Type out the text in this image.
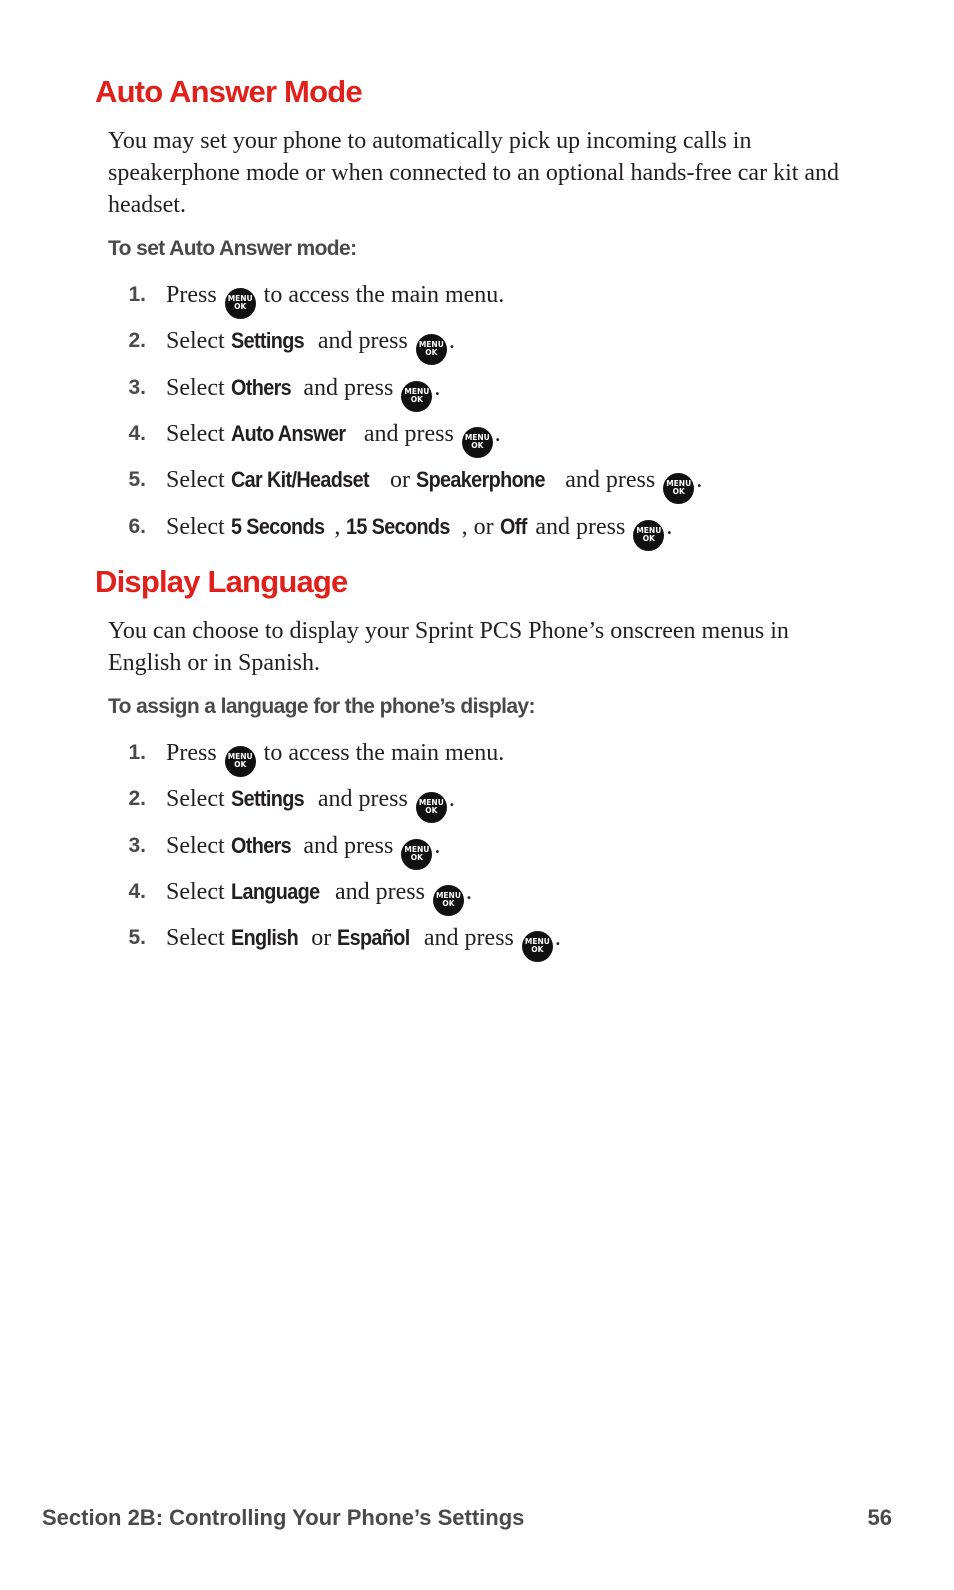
Auto Answer Mode

You may set your phone to automatically pick up incoming calls in speakerphone mode or when connected to an optional hands-free car kit and headset.

To set Auto Answer mode:

1. Press MENU
OK to access the main menu.
2. Select Settings and press MENU
OK .
3. Select Others and press MENU
OK .
4. Select Auto Answer and press MENU
OK .
5. Select Car Kit/Headset or Speakerphone and press MENU
OK .
6. Select 5 Seconds , 15 Seconds , or Off and press MENU
OK .
Display Language

You can choose to display your Sprint PCS Phone’s onscreen menus in English or in Spanish.

To assign a language for the phone’s display:

1. Press MENU
OK to access the main menu.
2. Select Settings and press MENU
OK .
3. Select Others and press MENU
OK .
4. Select Language and press MENU
OK .
5. Select English or Español and press MENU
OK .

Section 2B: Controlling Your Phone’s Settings	56
